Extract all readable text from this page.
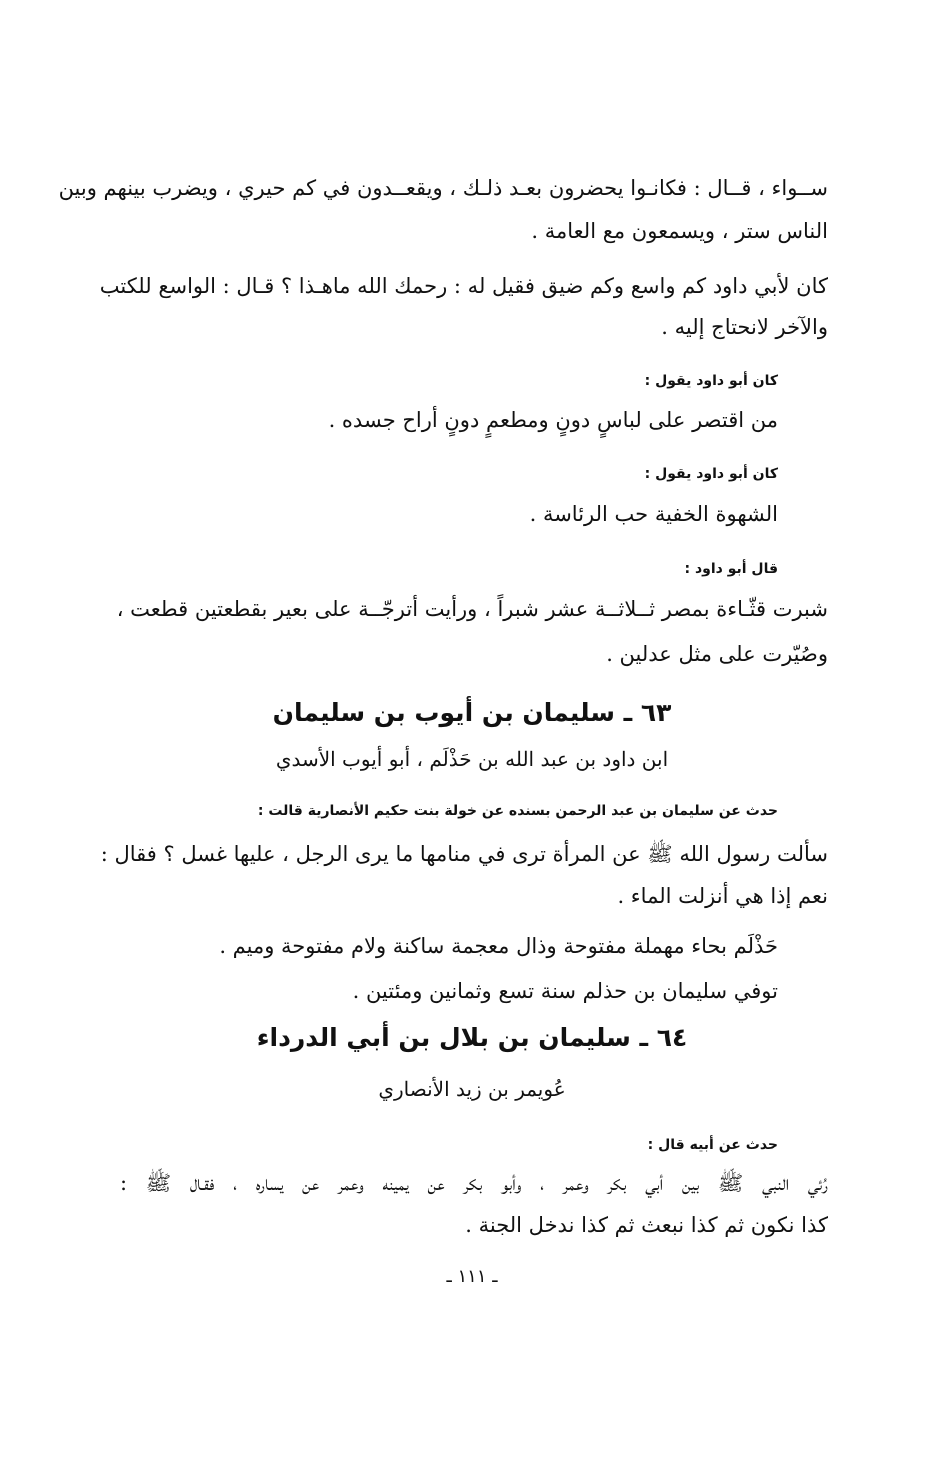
ســواء ، قــال : فكانـوا يحضرون بعـد ذلـك ، ويقعــدون في كم حيري ، ويضرب بينهم وبين
الناس ستر ، ويسمعون مع العامة .
كان لأبي داود كم واسع وكم ضيق فقيل له : رحمك الله ماهـذا ؟ قـال : الواسع للكتب
والآخر لانحتاج إليه .
كان أبو داود يقول :
من اقتصر على لباسٍ دونٍ ومطعمٍ دونٍ أراح جسده .
كان أبو داود يقول :
الشهوة الخفية حب الرئاسة .
قال أبو داود :
شبرت قثّـاءة بمصر ثــلاثــة عشر شبراً ، ورأيت أترجّــة على بعير بقطعتين قطعت ،
وصُيّرت على مثل عدلين .
٦٣ ـ سليمان بن أيوب بن سليمان
ابن داود بن عبد الله بن حَذْلَم ، أبو أيوب الأسدي
حدث عن سليمان بن عبد الرحمن بسنده عن خولة بنت حكيم الأنصارية قالت :
سألت رسول الله ﷺ عن المرأة ترى في منامها ما يرى الرجل ، عليها غسل ؟ فقال :
نعم إذا هي أنزلت الماء .
حَذْلَم بحاء مهملة مفتوحة وذال معجمة ساكنة ولام مفتوحة وميم .
توفي سليمان بن حذلم سنة تسع وثمانين ومئتين .
٦٤ ـ سليمان بن بلال بن أبي الدرداء
عُويمر بن زيد الأنصاري
حدث عن أبيه قال :
رُئي النبي ﷺ بين أبي بكر وعمر ، وأبو بكر عن يمينه وعمر عن يساره ، فقـال ﷺ :
كذا نكون ثم كذا نبعث ثم كذا ندخل الجنة .
ـ ١١١ ـ
